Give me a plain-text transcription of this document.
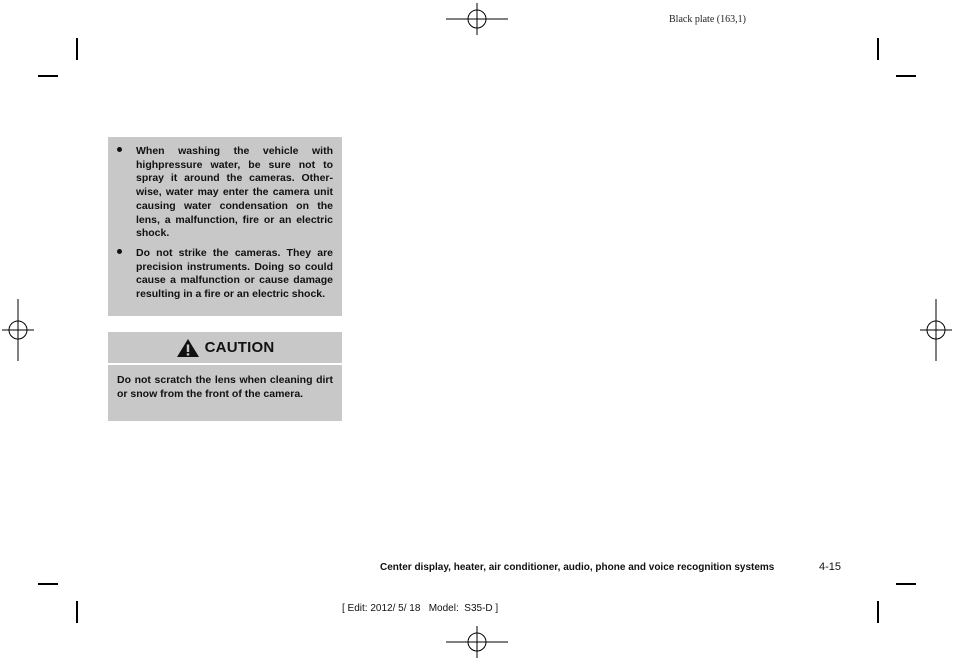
Black plate (163,1)
When washing the vehicle with highpressure water, be sure not to spray it around the cameras. Other- wise, water may enter the camera unit causing water condensation on the lens, a malfunction, fire or an electric shock.
Do not strike the cameras. They are precision instruments. Doing so could cause a malfunction or cause damage resulting in a fire or an electric shock.
CAUTION
Do not scratch the lens when cleaning dirt or snow from the front of the camera.
Center display, heater, air conditioner, audio, phone and voice recognition systems	4-15
[ Edit: 2012/ 5/ 18   Model:  S35-D ]
